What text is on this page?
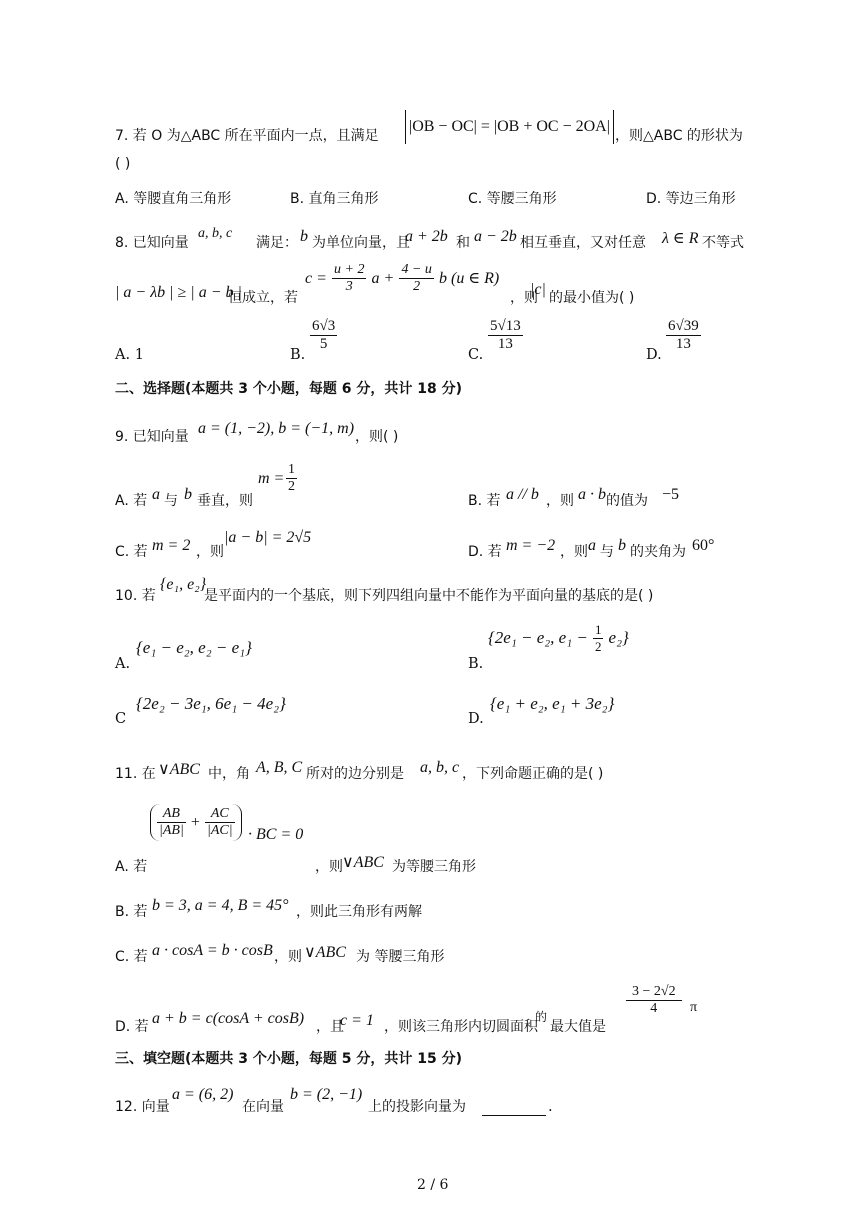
7. 若 O 为△ABC 所在平面内一点，且满足
|OB − OC| = |OB + OC − 2OA|
，则△ABC 的形状为
( )
A. 等腰直角三角形	B. 直角三角形	C. 等腰三角形	D. 等边三角形
8. 已知向量
a, b, c
满足： b 为单位向量，且
a + 2b 和 a − 2b 相互垂直，又对任意 λ ∈ R 不等式
| a − λb | ≥ | a − b |
恒成立，若
$c = \frac{u + 2}{3}$ $a + \frac{4 - u}{2}$ b (u ∈ R)
，则
|c| 的最小值为( )
A. 1	B.
$\frac{6√3}{5}$
C.
$\frac{5√13}{13}$
D.
$\frac{6√39}{13}$
二、选择题(本题共 3 个小题，每题 6 分，共计 18 分)
9. 已知向量 a = (1, −2), b = (−1, m) ，则( )
A. 若 a 与 b 垂直，则
$m = \frac{1}{2}$
B. 若 a // b ，则 a · b 的值为 −5
C. 若 m = 2 ，则
|a − b| = 2√5
D. 若 m = −2 ，则 a 与 b 的夹角为 60°
10. 若
{e₁, e₂}
是平面内的一个基底，则下列四组向量中不能作为平面向量的基底的是( )
A.
{e₁ − e₂, e₂ − e₁}
B.
{2e₁ − e₂, $e_1 - \frac{1}{2} e_2$}
C
{2e₂ − 3e₁, 6e₁ − 4e₂}
D.
{e₁ + e₂, e₁ + 3e₂}
11. 在 ∨ABC 中，角 A, B, C 所对的边分别是 a, b, c ，下列命题正确的是( )
A. 若
$\frac{AB}{|AB|} + \frac{AC}{|AC|}$ · BC = 0
，则 ∨ABC 为等腰三角形
B. 若 b = 3, a = 4, B = 45° ，则此三角形有两解
C. 若 a · cosA = b · cosB ，则 ∨ABC 为 等腰三角形
D. 若 a + b = c(cosA + cosB) ，且
c = 1 ，则该三角形内切圆面积
的
最大值是
$\frac{3 - 2√2}{4}$ π
三、填空题(本题共 3 个小题，每题 5 分，共计 15 分)
12. 向量
a = (6, 2)
在向量
b = (2, −1)
上的投影向量为	.
2 / 6
